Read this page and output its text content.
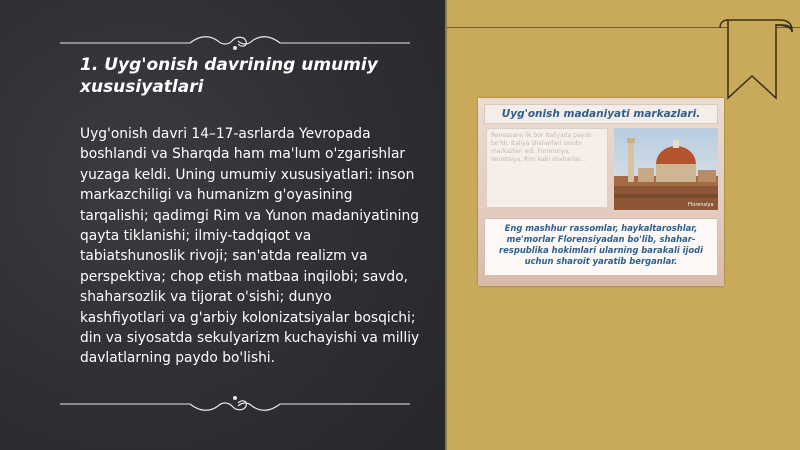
1. Uyg'onish davrining umumiy xususiyatlari

Uyg'onish davri 14–17-asrlarda Yevropada boshlandi va Sharqda ham ma'lum o'zgarishlar yuzaga keldi. Uning umumiy xususiyatlari: inson markazchiligi va humanizm g'oyasining tarqalishi; qadimgi Rim va Yunon madaniyatining qayta tiklanishi; ilmiy-tadqiqot va tabiatshunoslik rivoji; san'atda realizm va perspektiva; chop etish matbaa inqilobi; savdo, shaharsozlik va tijorat o'sishi; dunyo kashfiyotlari va g'arbiy kolonizatsiyalar bosqichi; din va siyosatda sekulyarizm kuchayishi va milliy davlatlarning paydo bo'lishi.

Uyg'onish madaniyati markazlari.
Renessans ilk bor Italiyada paydo bo'ldi. Italiya shaharlari savdo markazlari edi. Florensiya, Venetsiya, Rim kabi shaharlar...
Florensiya
Eng mashhur rassomlar, haykaltaroshlar, me'morlar Florensiyadan bo'lib, shahar-respublika hokimlari ularning barakali ijodi uchun sharoit yaratib berganlar.
